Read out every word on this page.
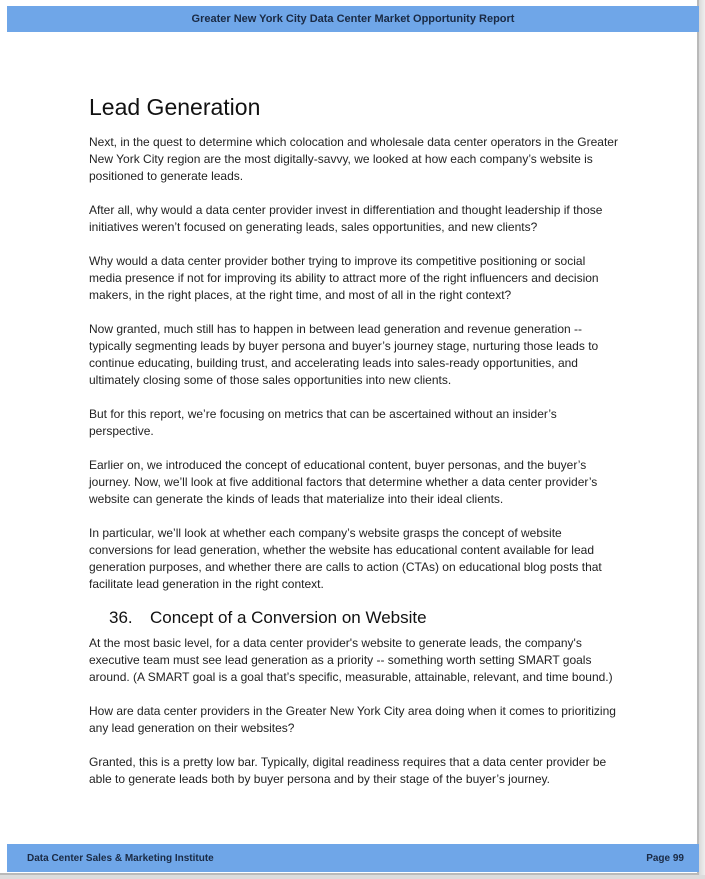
Greater New York City Data Center Market Opportunity Report
Lead Generation

Next, in the quest to determine which colocation and wholesale data center operators in the Greater New York City region are the most digitally-savvy, we looked at how each company’s website is positioned to generate leads.

After all, why would a data center provider invest in differentiation and thought leadership if those initiatives weren’t focused on generating leads, sales opportunities, and new clients?

Why would a data center provider bother trying to improve its competitive positioning or social media presence if not for improving its ability to attract more of the right influencers and decision makers, in the right places, at the right time, and most of all in the right context?

Now granted, much still has to happen in between lead generation and revenue generation -- typically segmenting leads by buyer persona and buyer’s journey stage, nurturing those leads to continue educating, building trust, and accelerating leads into sales-ready opportunities, and ultimately closing some of those sales opportunities into new clients.

But for this report, we’re focusing on metrics that can be ascertained without an insider’s perspective.

Earlier on, we introduced the concept of educational content, buyer personas, and the buyer’s journey. Now, we’ll look at five additional factors that determine whether a data center provider’s website can generate the kinds of leads that materialize into their ideal clients.

In particular, we’ll look at whether each company’s website grasps the concept of website conversions for lead generation, whether the website has educational content available for lead generation purposes, and whether there are calls to action (CTAs) on educational blog posts that facilitate lead generation in the right context.

36. Concept of a Conversion on Website

At the most basic level, for a data center provider's website to generate leads, the company's executive team must see lead generation as a priority -- something worth setting SMART goals around. (A SMART goal is a goal that’s specific, measurable, attainable, relevant, and time bound.)

How are data center providers in the Greater New York City area doing when it comes to prioritizing any lead generation on their websites?

Granted, this is a pretty low bar. Typically, digital readiness requires that a data center provider be able to generate leads both by buyer persona and by their stage of the buyer’s journey.

Data Center Sales & Marketing Institute	Page 99
